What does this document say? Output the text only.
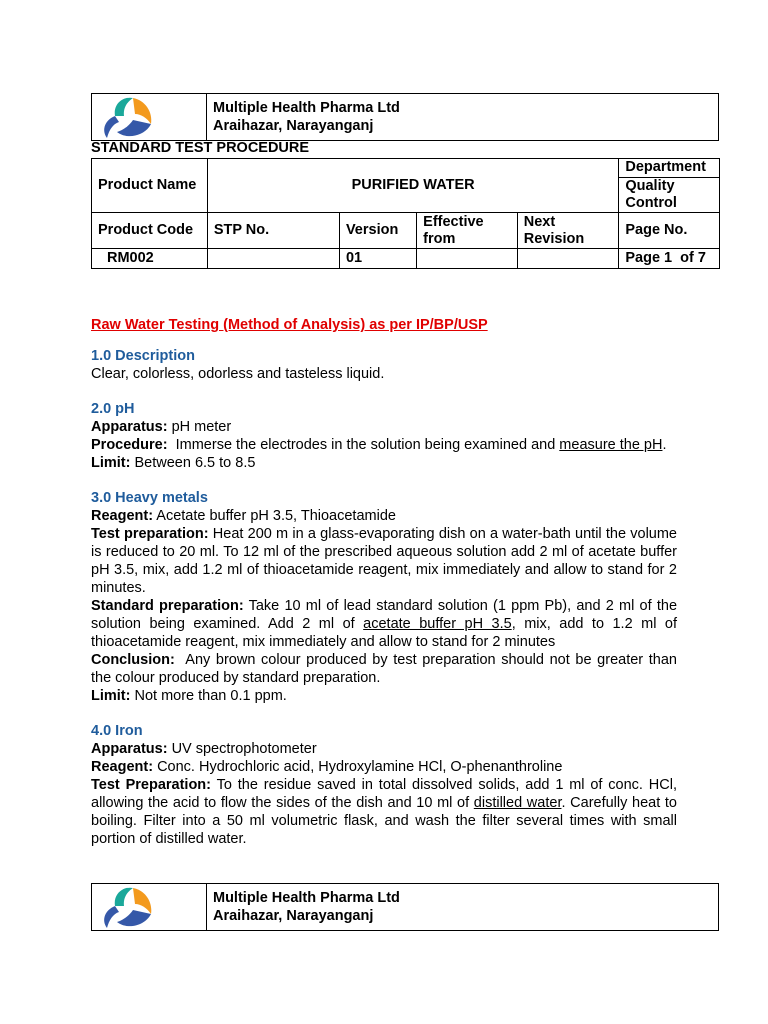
Multiple Health Pharma Ltd
Araihazar, Narayanganj
STANDARD TEST PROCEDURE
Product Name	PURIFIED WATER				Department
Quality Control

Product Code	STP No.	Version	Effective from	Next Revision	Page No.
RM002		01			Page 1  of 7

Raw Water Testing (Method of Analysis) as per IP/BP/USP

1.0 Description

Clear, colorless, odorless and tasteless liquid.

2.0 pH

Apparatus: pH meter

Procedure:  Immerse the electrodes in the solution being examined and measure the pH.

Limit: Between 6.5 to 8.5

3.0 Heavy metals

Reagent: Acetate buffer pH 3.5, Thioacetamide

Test preparation: Heat 200 m in a glass-evaporating dish on a water-bath until the volume is reduced to 20 ml. To 12 ml of the prescribed aqueous solution add 2 ml of acetate buffer pH 3.5, mix, add 1.2 ml of thioacetamide reagent, mix immediately and allow to stand for 2 minutes.

Standard preparation: Take 10 ml of lead standard solution (1 ppm Pb), and 2 ml of the solution being examined. Add 2 ml of acetate buffer pH 3.5, mix, add to 1.2 ml of thioacetamide reagent, mix immediately and allow to stand for 2 minutes

Conclusion:  Any brown colour produced by test preparation should not be greater than the colour produced by standard preparation.

Limit: Not more than 0.1 ppm.

4.0 Iron

Apparatus: UV spectrophotometer

Reagent: Conc. Hydrochloric acid, Hydroxylamine HCl, O-phenanthroline

Test Preparation: To the residue saved in total dissolved solids, add 1 ml of conc. HCl, allowing the acid to flow the sides of the dish and 10 ml of distilled water. Carefully heat to boiling. Filter into a 50 ml volumetric flask, and wash the filter several times with small portion of distilled water.

Multiple Health Pharma Ltd
Araihazar, Narayanganj
